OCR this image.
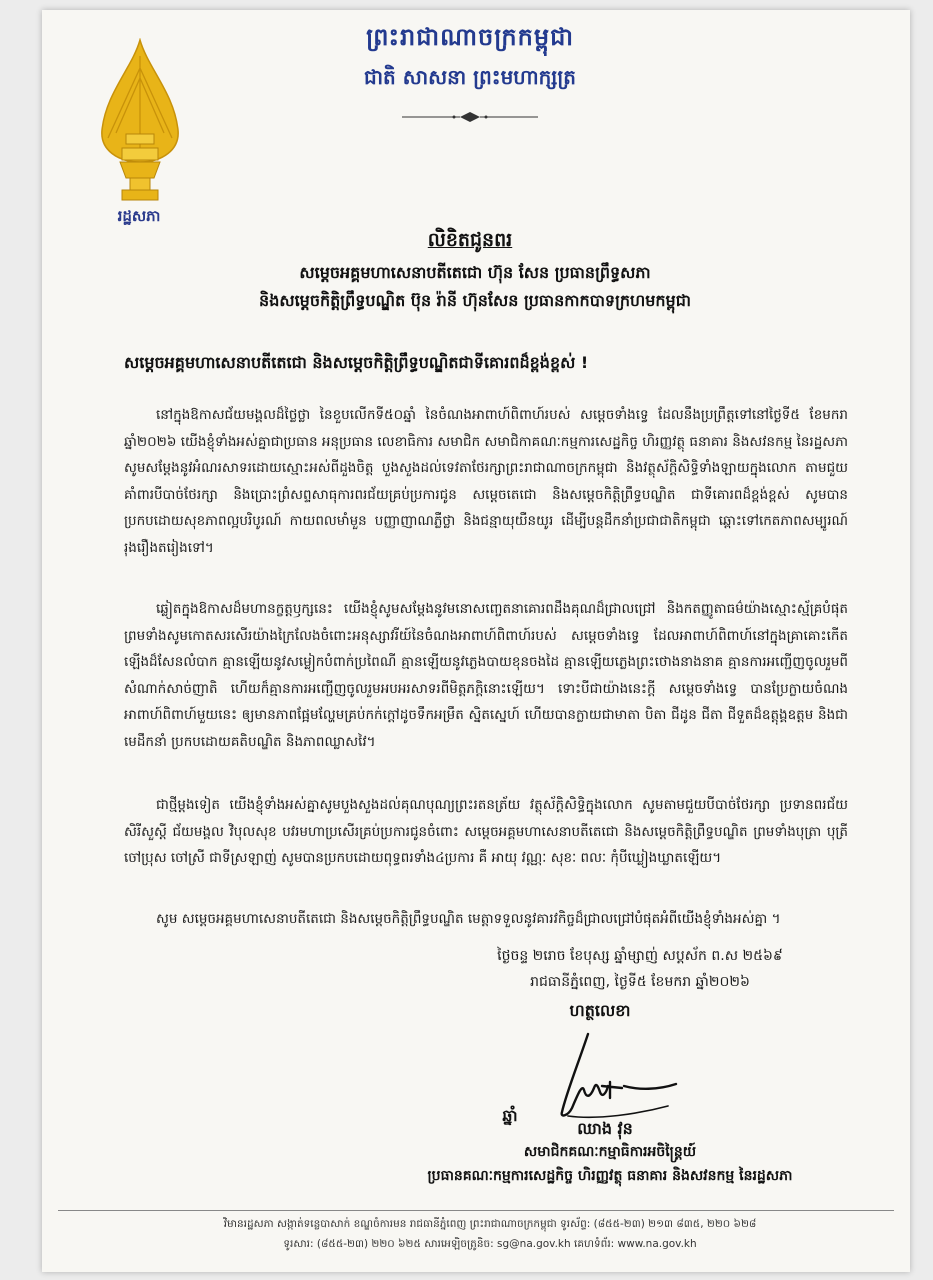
រដ្ឋសភា
ព្រះរាជាណាចក្រកម្ពុជា
ជាតិ សាសនា ព្រះមហាក្សត្រ
លិខិតជូនពរ
សម្តេចអគ្គមហាសេនាបតីតេជោ ហ៊ុន សែន ប្រធានព្រឹទ្ធសភា
និងសម្តេចកិត្តិព្រឹទ្ធបណ្ឌិត ប៊ុន រ៉ានី ហ៊ុនសែន ប្រធានកាកបាទក្រហមកម្ពុជា
សម្តេចអគ្គមហាសេនាបតីតេជោ និងសម្តេចកិត្តិព្រឹទ្ធបណ្ឌិតជាទីគោរពដ៏ខ្ពង់ខ្ពស់ !
នៅក្នុងឱកាសជ័យមង្គលដ៏ថ្លៃថ្លា នៃខួបលើកទី៥០ឆ្នាំ នៃចំណងអាពាហ៍ពិពាហ៍របស់ សម្តេចទាំងទ្វេ ដែលនឹងប្រព្រឹត្តទៅនៅថ្ងៃទី៥ ខែមករា ឆ្នាំ២០២៦ យើងខ្ញុំទាំងអស់គ្នាជាប្រធាន អនុប្រធាន លេខាធិការ សមាជិក សមាជិកាគណៈកម្មការសេដ្ឋកិច្ច ហិរញ្ញវត្ថុ ធនាគារ និងសវនកម្ម នៃរដ្ឋសភា សូមសម្តែងនូវអំណរសាទរដោយស្មោះអស់ពីដួងចិត្ត បួងសួងដល់ទេវតាថែរក្សាព្រះរាជាណាចក្រកម្ពុជា និងវត្ថុស័ក្តិសិទ្ធិទាំងឡាយក្នុងលោក តាមជួយគាំពារបីបាច់ថែរក្សា និងប្រោះព្រំសព្ទសាធុការពរជ័យគ្រប់ប្រការជូន សម្តេចតេជោ និងសម្តេចកិត្តិព្រឹទ្ធបណ្ឌិត ជាទីគោរពដ៏ខ្ពង់ខ្ពស់ សូមបានប្រកបដោយសុខភាពល្អបរិបូរណ៍ កាយពលមាំមួន បញ្ញាញាណភ្លឺថ្លា និងជន្មាយុយឺនយូរ ដើម្បីបន្តដឹកនាំប្រជាជាតិកម្ពុជា ឆ្ពោះទៅកេតភាពសម្បូរណ៍រុងរឿងតរៀងទៅ។
ឆ្លៀតក្នុងឱកាសដ៏មហានក្ខត្តឫក្សនេះ យើងខ្ញុំសូមសម្តែងនូវមនោសញ្ចេតនាគោរពដឹងគុណដ៏ជ្រាលជ្រៅ និងកតញ្ញូតាធម៌យ៉ាងស្មោះស្ម័គ្របំផុត ព្រមទាំងសូមកោតសរសើរយ៉ាងក្រៃលែងចំពោះអនុស្សាវរីយ៍នៃចំណងអាពាហ៍ពិពាហ៍របស់ សម្តេចទាំងទ្វេ ដែលអាពាហ៍ពិពាហ៍នៅក្នុងគ្រាគោះកើតឡើងដ៏សែនលំបាក គ្មានឡើយនូវសម្លៀកបំពាក់ប្រពៃណី គ្មានឡើយនូវភ្លេងបាយខុនចងដៃ គ្មានឡើយភ្លេងព្រះថោងនាងនាគ គ្មានការអញ្ជើញចូលរួមពីសំណាក់សាច់ញាតិ ហើយក៏គ្មានការអញ្ជើញចូលរួមអបអរសាទរពីមិត្តភក្តិនោះឡើយ។ ទោះបីជាយ៉ាងនេះក្តី សម្តេចទាំងទ្វេ បានប្រែក្លាយចំណងអាពាហ៍ពិពាហ៍មួយនេះ ឲ្យមានភាពផ្អែមល្ហែមគ្រប់កក់ក្តៅដូចទឹកអម្រឹត ស្និតស្នេហ៍ ហើយបានក្លាយជាមាតា បិតា ជីដូន ជីតា ជីទួតដ៏ឧត្តុង្គឧត្តម និងជាមេដឹកនាំ ប្រកបដោយគតិបណ្ឌិត និងភាពឈ្លាសវៃ។
ជាថ្មីម្តងទៀត យើងខ្ញុំទាំងអស់គ្នាសូមបួងសួងដល់គុណបុណ្យព្រះរតនត្រ័យ វត្ថុស័ក្តិសិទ្ធិក្នុងលោក សូមតាមជួយបីបាច់ថែរក្សា ប្រទានពរជ័យ សិរីសួស្តី ជ័យមង្គល វិបុលសុខ បវរមហាប្រសើរគ្រប់ប្រការជូនចំពោះ សម្តេចអគ្គមហាសេនាបតីតេជោ និងសម្តេចកិត្តិព្រឹទ្ធបណ្ឌិត ព្រមទាំងបុត្រា បុត្រី ចៅប្រុស ចៅស្រី ជាទីស្រឡាញ់ សូមបានប្រកបដោយពុទ្ធពរទាំង៤ប្រការ គឺ អាយុ វណ្ណៈ សុខៈ ពលៈ កុំបីឃ្លៀងឃ្លាតឡើយ។
សូម សម្តេចអគ្គមហាសេនាបតីតេជោ និងសម្តេចកិត្តិព្រឹទ្ធបណ្ឌិត មេត្តាទទួលនូវគារវកិច្ចដ៏ជ្រាលជ្រៅបំផុតអំពីយើងខ្ញុំទាំងអស់គ្នា ។
ថ្ងៃចន្ទ ២រោច ខែបុស្ស ឆ្នាំម្សាញ់ សប្តស័ក ព.ស ២៥៦៩
រាជធានីភ្នំពេញ, ថ្ងៃទី៥ ខែមករា ឆ្នាំ២០២៦
ហត្ថលេខា
ឆ្នាំ
ឈាង វុន
សមាជិកគណៈកម្មាធិការអចិន្ត្រៃយ៍
ប្រធានគណៈកម្មការសេដ្ឋកិច្ច ហិរញ្ញវត្ថុ ធនាគារ និងសវនកម្ម នៃរដ្ឋសភា
វិមានរដ្ឋសភា សង្កាត់ទន្លេបាសាក់ ខណ្ឌចំការមន រាជធានីភ្នំពេញ ព្រះរាជាណាចក្រកម្ពុជា ទូរស័ព្ទ: (៨៥៥-២៣) ២១៣ ៨៣៥, ២២០ ៦២៨
ទូរសារ: (៨៥៥-២៣) ២២០ ៦២៥ សារអេឡិចត្រូនិច: sg@na.gov.kh គេហទំព័រ: www.na.gov.kh
